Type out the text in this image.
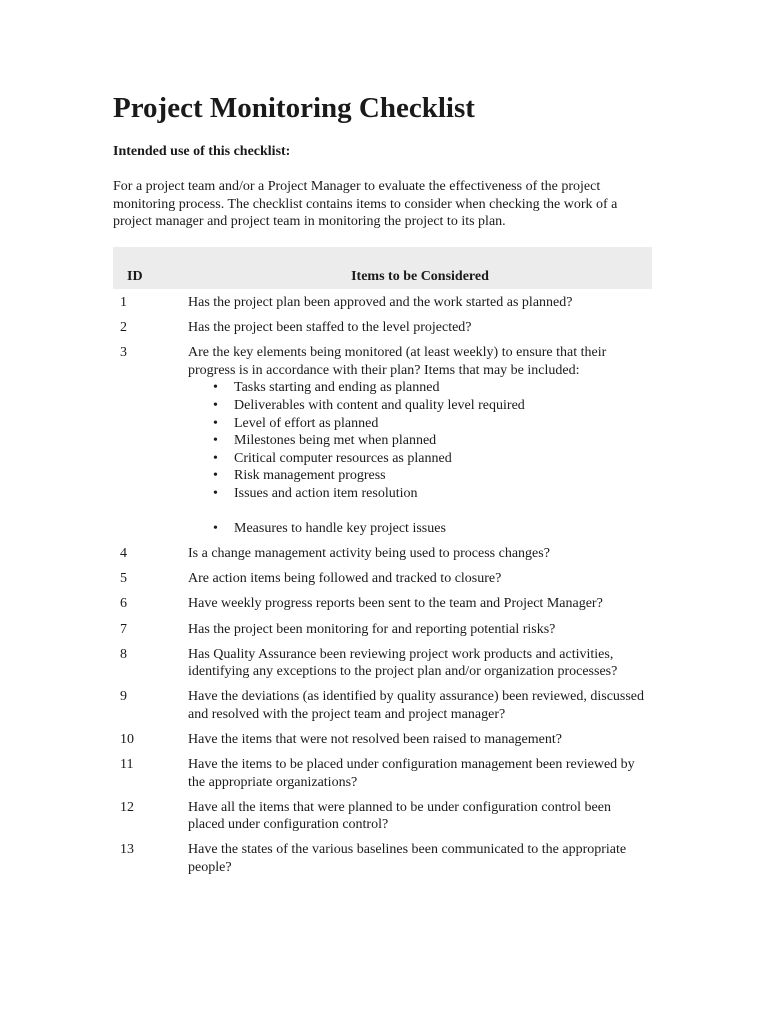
Project Monitoring Checklist

Intended use of this checklist:

For a project team and/or a Project Manager to evaluate the effectiveness of the project monitoring process. The checklist contains items to consider when checking the work of a project manager and project team in monitoring the project to its plan.

ID	Items to be Considered
1	Has the project plan been approved and the work started as planned?
2	Has the project been staffed to the level projected?
3	Are the key elements being monitored (at least weekly) to ensure that their progress is in accordance with their plan? Items that may be included:
• Tasks starting and ending as planned
• Deliverables with content and quality level required
• Level of effort as planned
• Milestones being met when planned
• Critical computer resources as planned
• Risk management progress
• Issues and action item resolution
• Measures to handle key project issues
4	Is a change management activity being used to process changes?
5	Are action items being followed and tracked to closure?
6	Have weekly progress reports been sent to the team and Project Manager?
7	Has the project been monitoring for and reporting potential risks?
8	Has Quality Assurance been reviewing project work products and activities, identifying any exceptions to the project plan and/or organization processes?
9	Have the deviations (as identified by quality assurance) been reviewed, discussed and resolved with the project team and project manager?
10	Have the items that were not resolved been raised to management?
11	Have the items to be placed under configuration management been reviewed by the appropriate organizations?
12	Have all the items that were planned to be under configuration control been placed under configuration control?
13	Have the states of the various baselines been communicated to the appropriate people?
